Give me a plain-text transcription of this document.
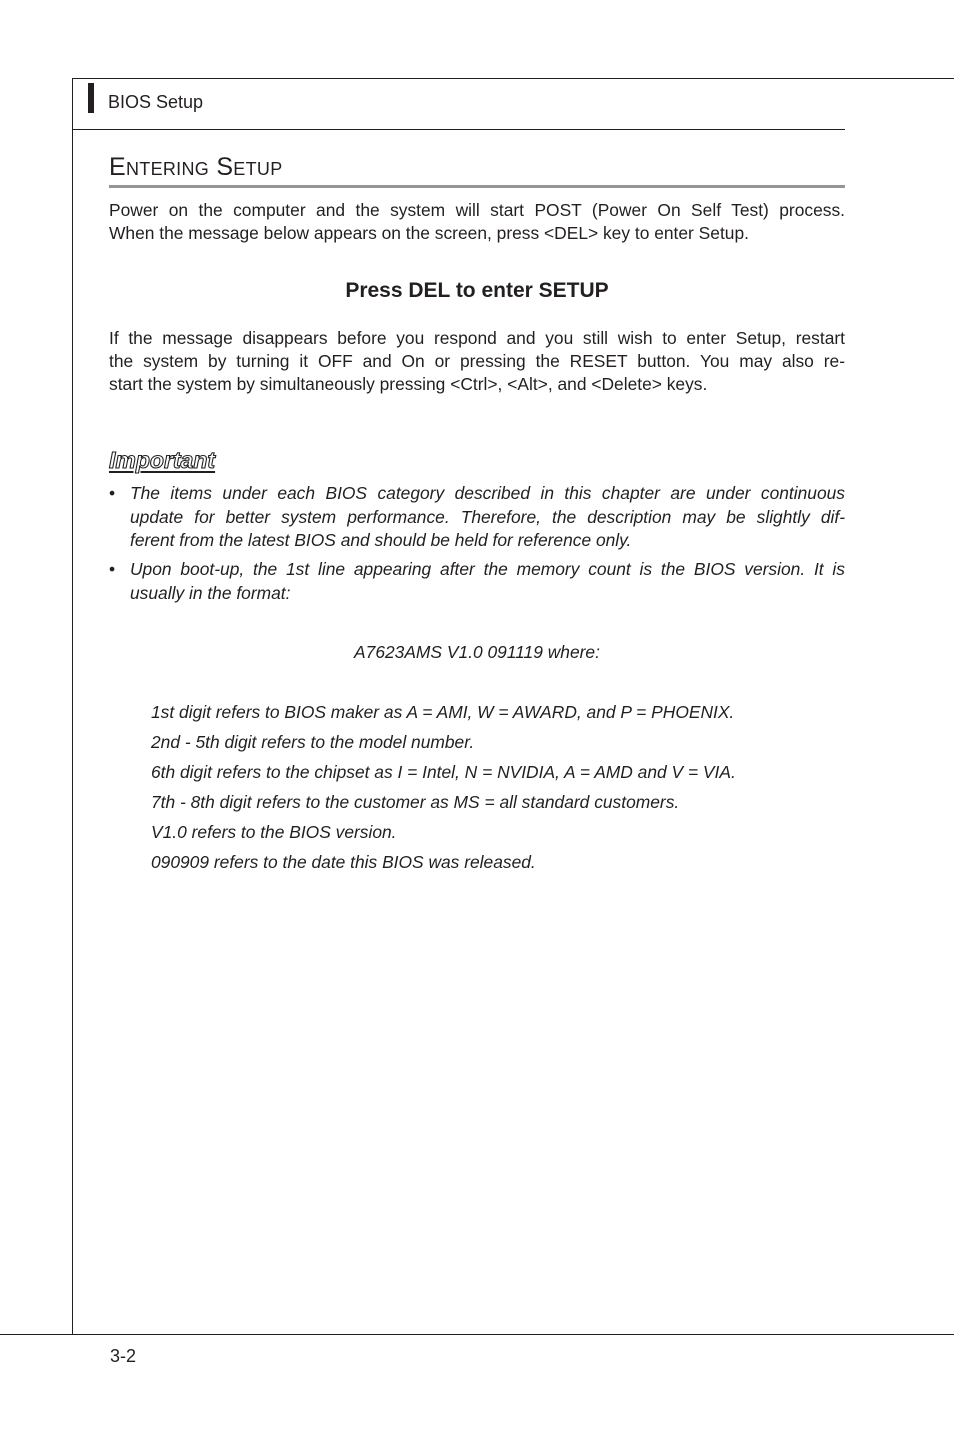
BIOS Setup
Entering Setup
Power on the computer and the system will start POST (Power On Self Test) process.
When the message below appears on the screen, press <DEL> key to enter Setup.
Press DEL to enter SETUP
If the message disappears before you respond and you still wish to enter Setup, restart
the system by turning it OFF and On or pressing the RESET button. You may also re-
start the system by simultaneously pressing <Ctrl>, <Alt>, and <Delete> keys.
Important
• The items under each BIOS category described in this chapter are under continuous
update for better system performance. Therefore, the description may be slightly dif-
ferent from the latest BIOS and should be held for reference only.
• Upon boot-up, the 1st line appearing after the memory count is the BIOS version. It is
usually in the format:
A7623AMS V1.0 091119 where:
1st digit refers to BIOS maker as A = AMI, W = AWARD, and P = PHOENIX.
2nd - 5th digit refers to the model number.
6th digit refers to the chipset as I = Intel, N = NVIDIA, A = AMD and V = VIA.
7th - 8th digit refers to the customer as MS = all standard customers.
V1.0 refers to the BIOS version.
090909 refers to the date this BIOS was released.
3-2
